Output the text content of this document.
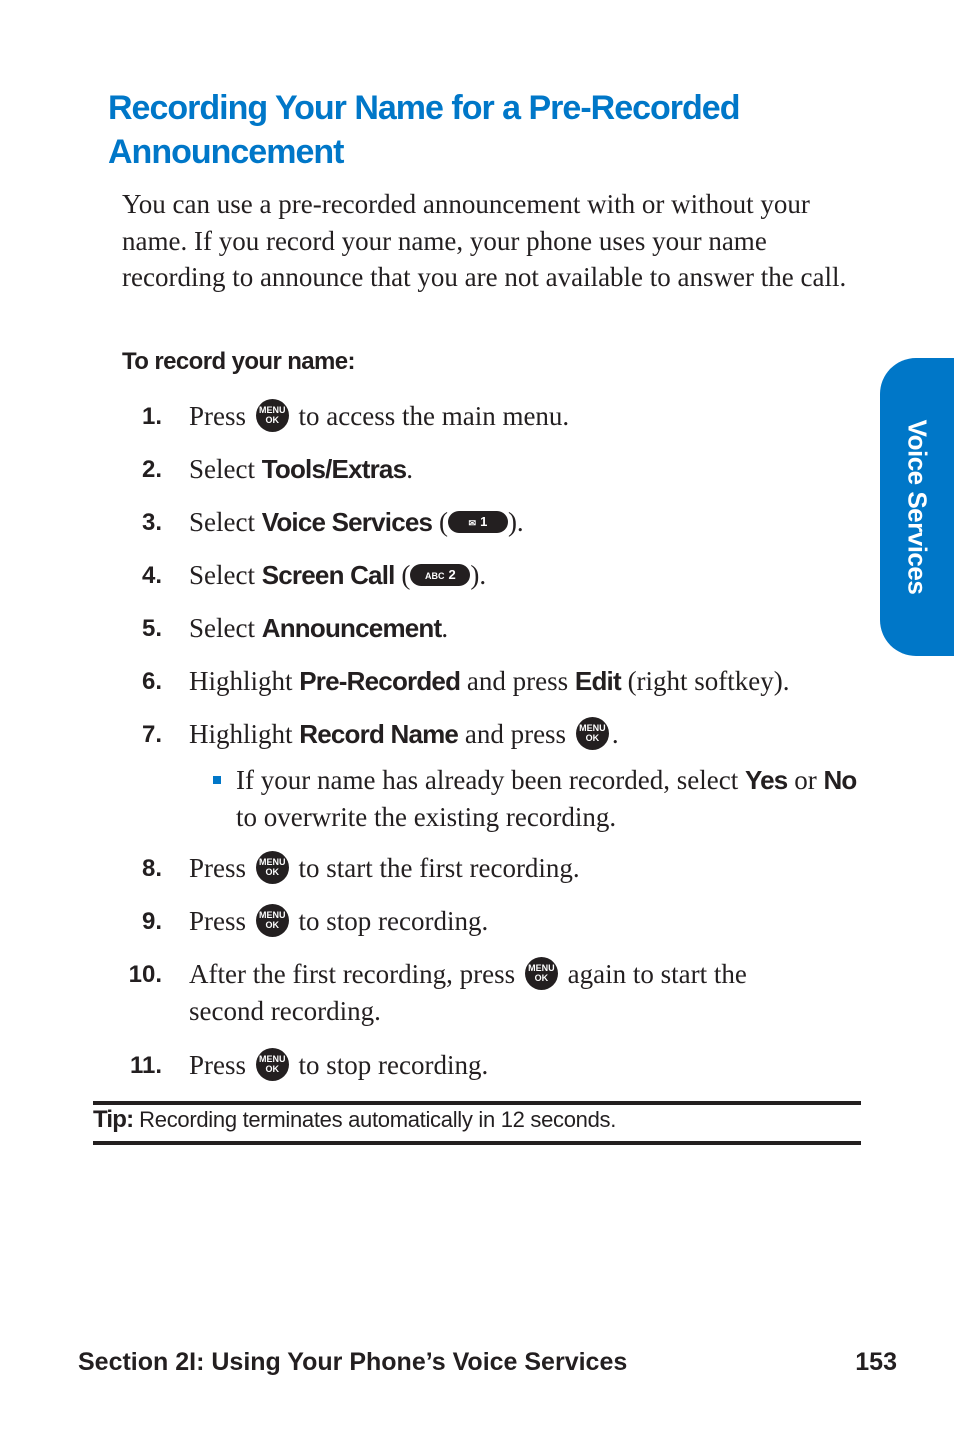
Recording Your Name for a Pre-Recorded Announcement

You can use a pre-recorded announcement with or without your name. If you record your name, your phone uses your name recording to announce that you are not available to answer the call.

To record your name:

1. Press MENU
OK to access the main menu.
2. Select Tools/Extras.
3. Select Voice Services ( ✉ 1 ).
4. Select Screen Call ( ABC 2 ).
5. Select Announcement.
6. Highlight Pre-Recorded and press Edit (right softkey).
7. Highlight Record Name and press MENU
OK .
If your name has already been recorded, select Yes or No to overwrite the existing recording.
8. Press MENU
OK to start the first recording.
9. Press MENU
OK to stop recording.
10. After the first recording, press MENU
OK again to start the second recording.
11. Press MENU
OK to stop recording.
Tip: Recording terminates automatically in 12 seconds.
Voice Services
Section 2I: Using Your Phone’s Voice Services	153
